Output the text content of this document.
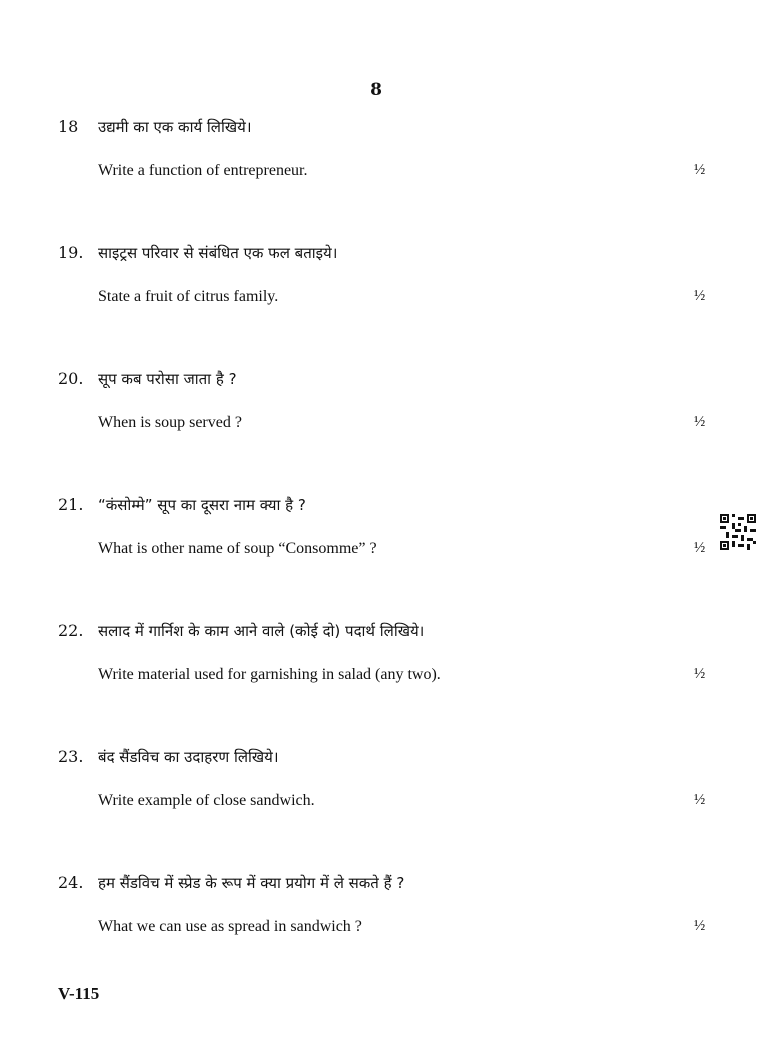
8
18 उद्यमी का एक कार्य लिखिये।
Write a function of entrepreneur.	½
19. साइट्रस परिवार से संबंधित एक फल बताइये।
State a fruit of citrus family.	½
20. सूप कब परोसा जाता है ?
When is soup served ?	½
21. “कंसोम्मे” सूप का दूसरा नाम क्या है ?
What is other name of soup “Consomme” ?	½
22. सलाद में गार्निश के काम आने वाले (कोई दो) पदार्थ लिखिये।
Write material used for garnishing in salad (any two).	½
23. बंद सैंडविच का उदाहरण लिखिये।
Write example of close sandwich.	½
24. हम सैंडविच में स्प्रेड के रूप में क्या प्रयोग में ले सकते हैं ?
What we can use as spread in sandwich ?	½
V-115
